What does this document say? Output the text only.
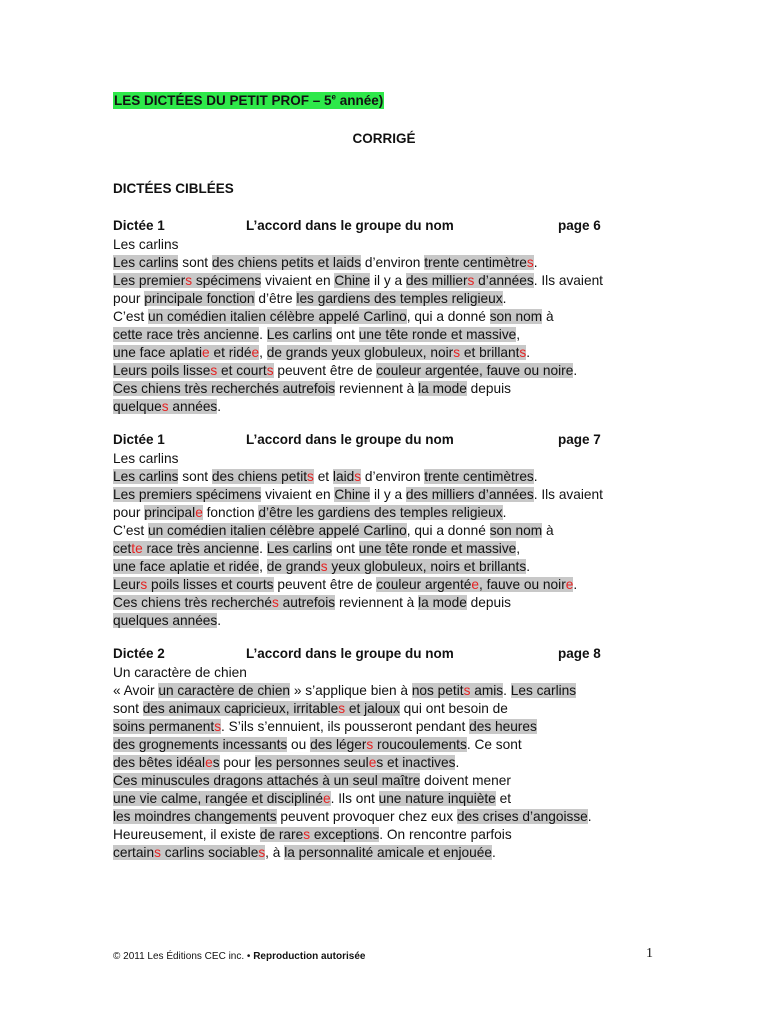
LES DICTÉES DU PETIT PROF – 5e année)
CORRIGÉ
DICTÉES CIBLÉES
Dictée 1	L’accord dans le groupe du nom	page 6
Les carlins
Les carlins sont des chiens petits et laids d’environ trente centimètres.
Les premiers spécimens vivaient en Chine il y a des milliers d’années. Ils avaient
pour principale fonction d’être les gardiens des temples religieux.
C’est un comédien italien célèbre appelé Carlino, qui a donné son nom à
cette race très ancienne. Les carlins ont une tête ronde et massive,
une face aplatie et ridée, de grands yeux globuleux, noirs et brillants.
Leurs poils lisses et courts peuvent être de couleur argentée, fauve ou noire.
Ces chiens très recherchés autrefois reviennent à la mode depuis
quelques années.
Dictée 1	L’accord dans le groupe du nom	page 7
Les carlins
Les carlins sont des chiens petits et laids d’environ trente centimètres.
Les premiers spécimens vivaient en Chine il y a des milliers d’années. Ils avaient
pour principale fonction d’être les gardiens des temples religieux.
C’est un comédien italien célèbre appelé Carlino, qui a donné son nom à
cette race très ancienne. Les carlins ont une tête ronde et massive,
une face aplatie et ridée, de grands yeux globuleux, noirs et brillants.
Leurs poils lisses et courts peuvent être de couleur argentée, fauve ou noire.
Ces chiens très recherchés autrefois reviennent à la mode depuis
quelques années.
Dictée 2	L’accord dans le groupe du nom	page 8
Un caractère de chien
« Avoir un caractère de chien » s’applique bien à nos petits amis. Les carlins
sont des animaux capricieux, irritables et jaloux qui ont besoin de
soins permanents. S’ils s’ennuient, ils pousseront pendant des heures
des grognements incessants ou des légers roucoulements. Ce sont
des bêtes idéales pour les personnes seules et inactives.
Ces minuscules dragons attachés à un seul maître doivent mener
une vie calme, rangée et disciplinée. Ils ont une nature inquiète et
les moindres changements peuvent provoquer chez eux des crises d’angoisse.
Heureusement, il existe de rares exceptions. On rencontre parfois
certains carlins sociables, à la personnalité amicale et enjouée.
© 2011 Les Éditions CEC inc. • Reproduction autorisée	1
